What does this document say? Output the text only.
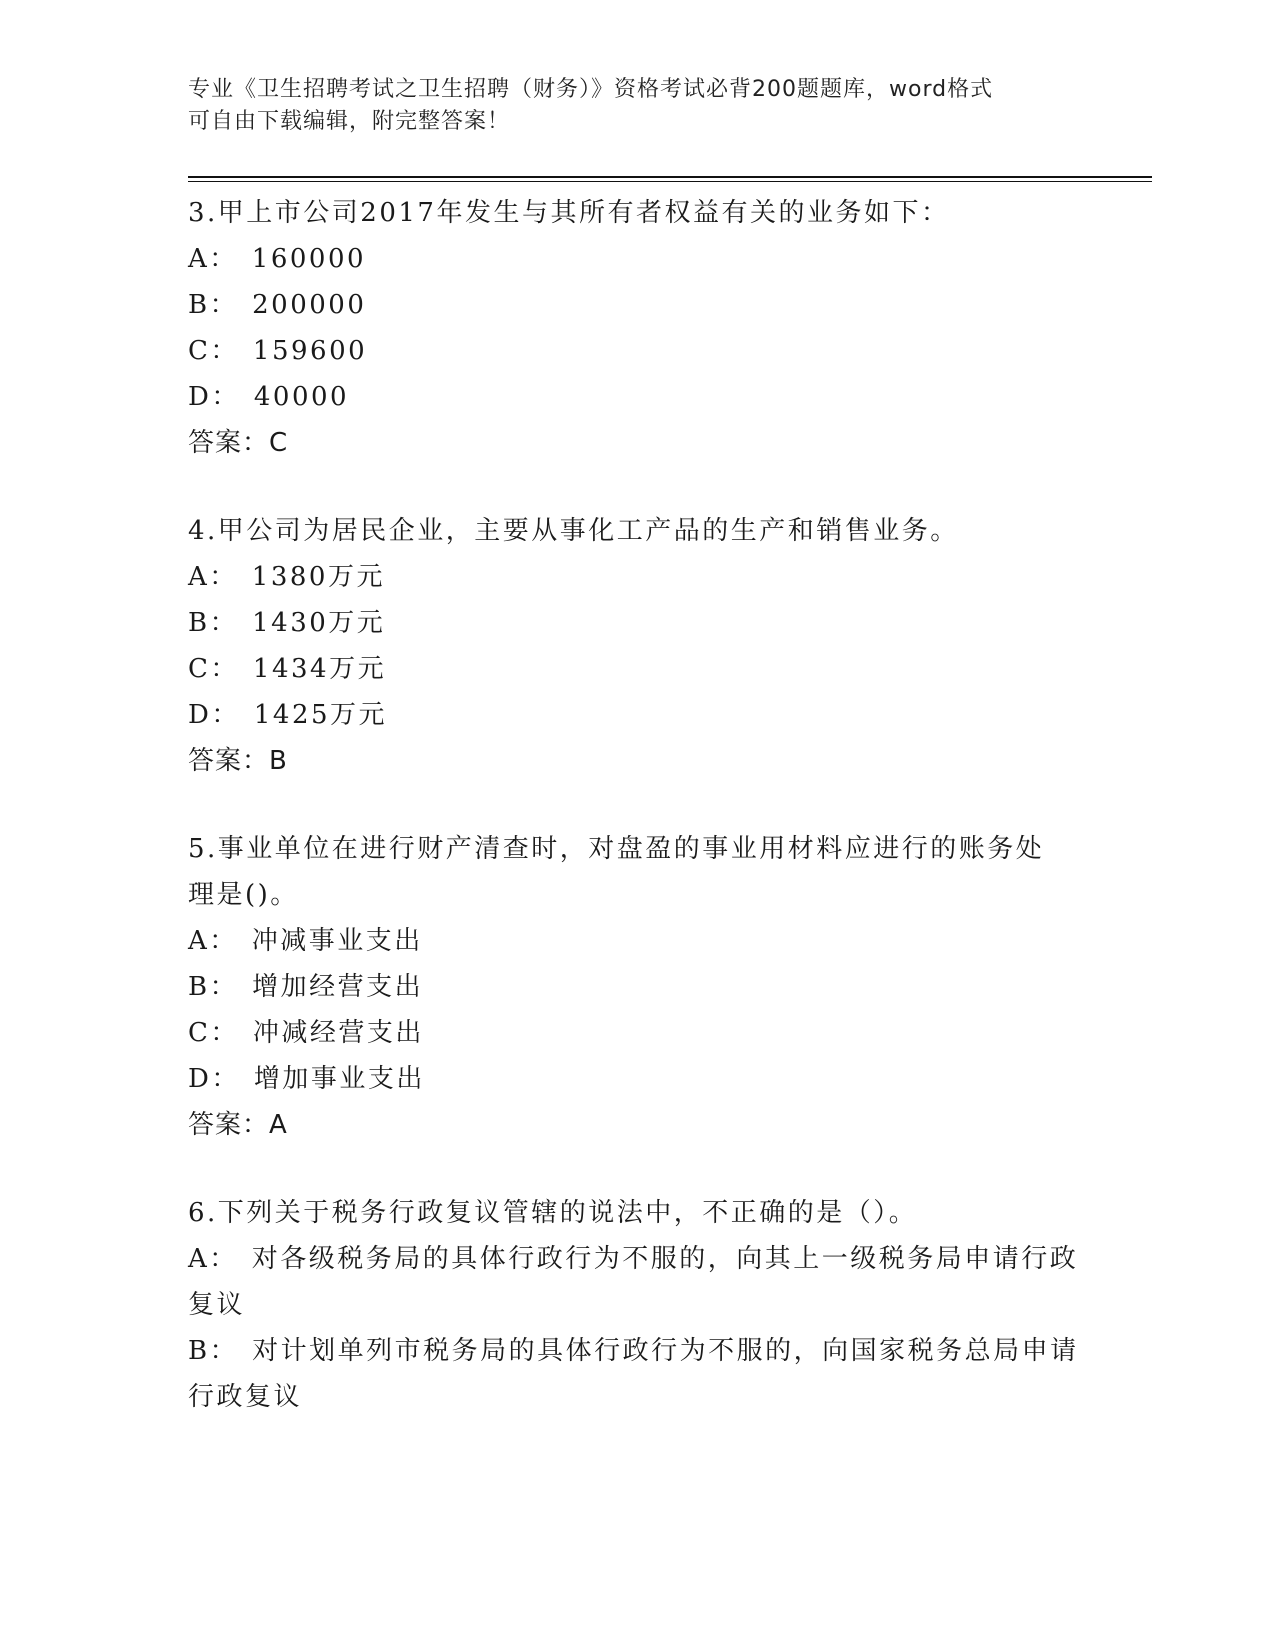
专业《卫生招聘考试之卫生招聘（财务）》资格考试必背200题题库，word格式
可自由下载编辑，附完整答案！
3.甲上市公司2017年发生与其所有者权益有关的业务如下：
A： 160000
B： 200000
C： 159600
D： 40000
答案：C
4.甲公司为居民企业，主要从事化工产品的生产和销售业务。
A： 1380万元
B： 1430万元
C： 1434万元
D： 1425万元
答案：B
5.事业单位在进行财产清查时，对盘盈的事业用材料应进行的账务处
理是()。
A： 冲减事业支出
B： 增加经营支出
C： 冲减经营支出
D： 增加事业支出
答案：A
6.下列关于税务行政复议管辖的说法中，不正确的是（）。
A： 对各级税务局的具体行政行为不服的，向其上一级税务局申请行政
复议
B： 对计划单列市税务局的具体行政行为不服的，向国家税务总局申请
行政复议
